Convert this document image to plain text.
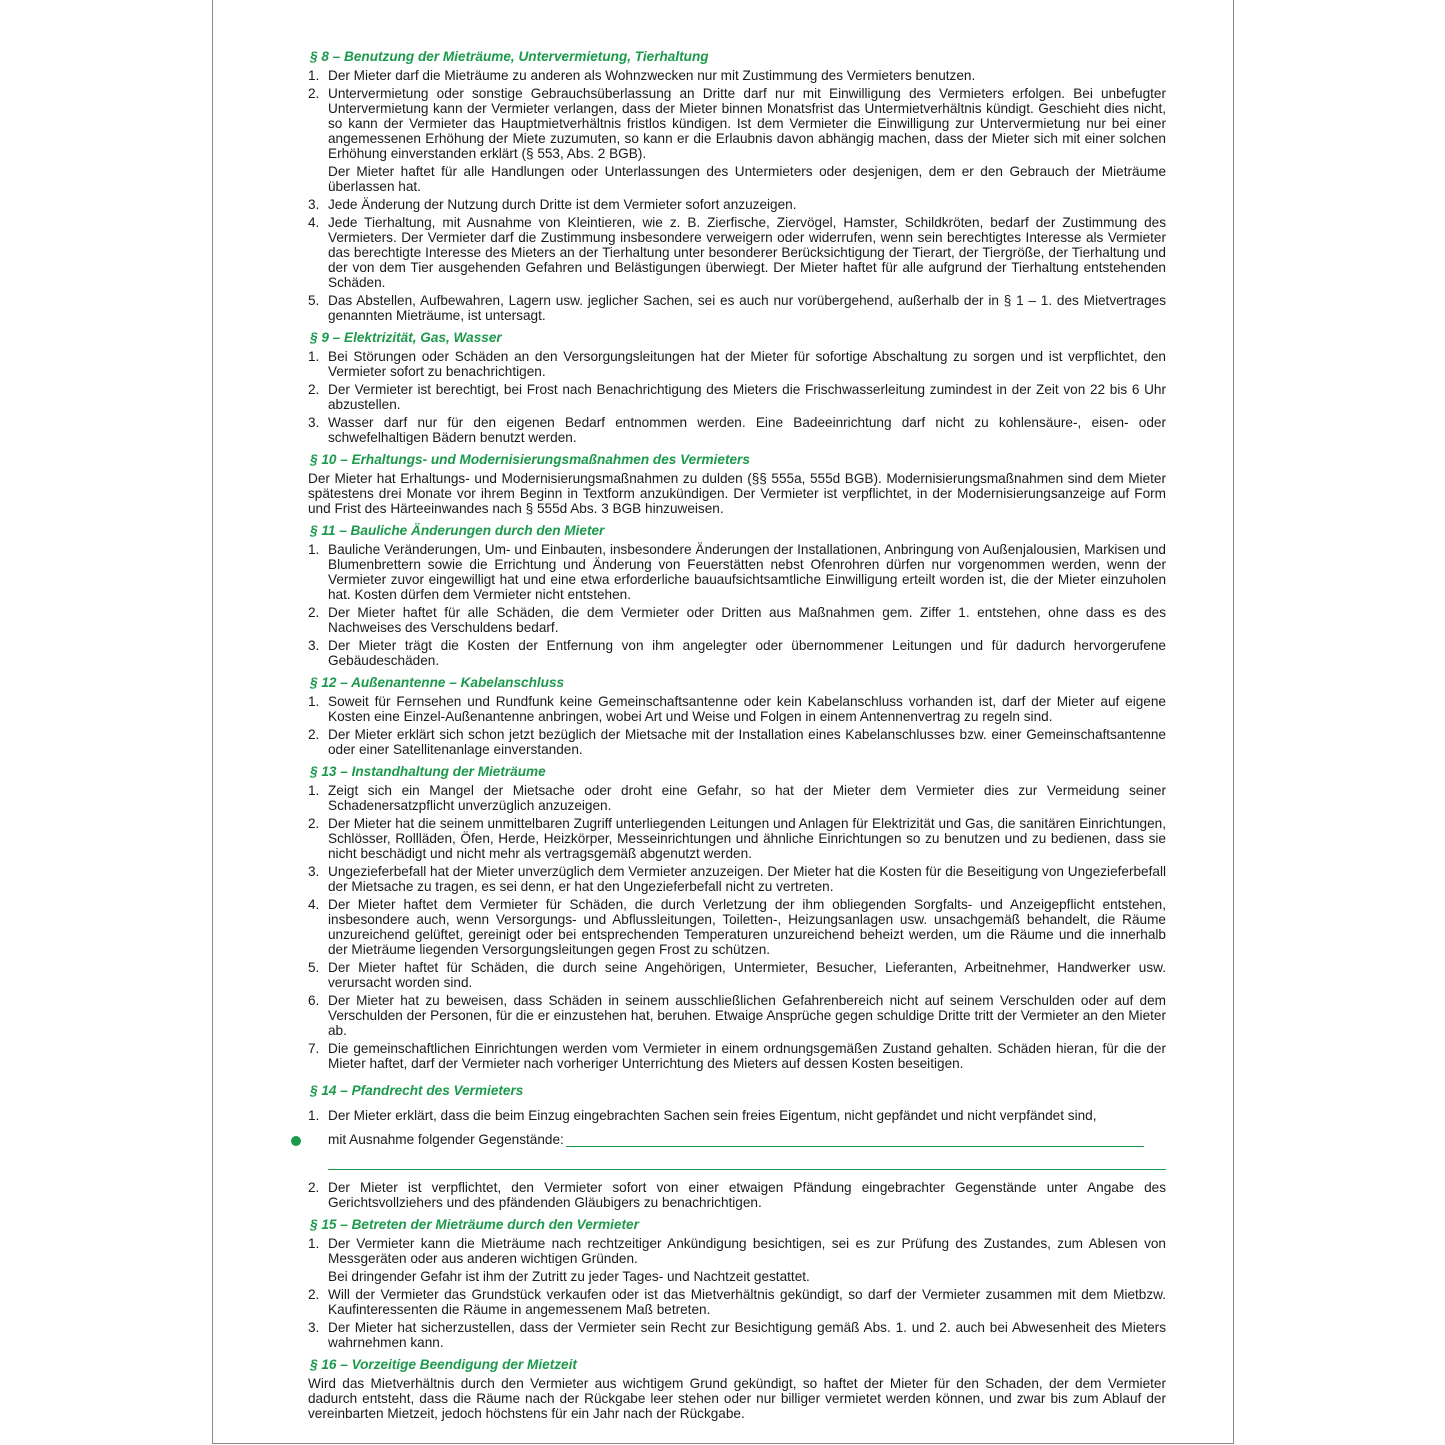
§ 8 – Benutzung der Mieträume, Untervermietung, Tierhaltung
1. Der Mieter darf die Mieträume zu anderen als Wohnzwecken nur mit Zustimmung des Vermieters benutzen.

2. Untervermietung oder sonstige Gebrauchsüberlassung an Dritte darf nur mit Einwilligung des Vermieters erfolgen. Bei unbefugter Untervermietung kann der Vermieter verlangen, dass der Mieter binnen Monatsfrist das Untermietverhältnis kündigt. Geschieht dies nicht, so kann der Vermieter das Hauptmietverhältnis fristlos kündigen. Ist dem Vermieter die Einwilligung zur Untervermietung nur bei einer angemessenen Erhöhung der Miete zuzumuten, so kann er die Erlaubnis davon abhängig machen, dass der Mieter sich mit einer solchen Erhöhung einverstanden erklärt (§ 553, Abs. 2 BGB).

Der Mieter haftet für alle Handlungen oder Unterlassungen des Untermieters oder desjenigen, dem er den Gebrauch der Mieträume überlassen hat.

3. Jede Änderung der Nutzung durch Dritte ist dem Vermieter sofort anzuzeigen.

4. Jede Tierhaltung, mit Ausnahme von Kleintieren, wie z. B. Zierfische, Ziervögel, Hamster, Schildkröten, bedarf der Zustimmung des Vermieters. Der Vermieter darf die Zustimmung insbesondere verweigern oder widerrufen, wenn sein berechtigtes Interesse als Vermieter das berechtigte Interesse des Mieters an der Tierhaltung unter besonderer Berücksichtigung der Tierart, der Tiergröße, der Tierhaltung und der von dem Tier ausgehenden Gefahren und Belästigungen überwiegt. Der Mieter haftet für alle aufgrund der Tierhaltung entstehenden Schäden.

5. Das Abstellen, Aufbewahren, Lagern usw. jeglicher Sachen, sei es auch nur vorübergehend, außerhalb der in § 1 – 1. des Mietvertrages genannten Mieträume, ist untersagt.

§ 9 – Elektrizität, Gas, Wasser
1. Bei Störungen oder Schäden an den Versorgungsleitungen hat der Mieter für sofortige Abschaltung zu sorgen und ist verpflichtet, den Vermieter sofort zu benachrichtigen.

2. Der Vermieter ist berechtigt, bei Frost nach Benachrichtigung des Mieters die Frischwasserleitung zumindest in der Zeit von 22 bis 6 Uhr abzustellen.

3. Wasser darf nur für den eigenen Bedarf entnommen werden. Eine Badeeinrichtung darf nicht zu kohlensäure-, eisen- oder schwefelhaltigen Bädern benutzt werden.

§ 10 – Erhaltungs- und Modernisierungsmaßnahmen des Vermieters

Der Mieter hat Erhaltungs- und Modernisierungsmaßnahmen zu dulden (§§ 555a, 555d BGB). Modernisierungsmaßnahmen sind dem Mieter spätestens drei Monate vor ihrem Beginn in Textform anzukündigen. Der Vermieter ist verpflichtet, in der Modernisierungsanzeige auf Form und Frist des Härteeinwandes nach § 555d Abs. 3 BGB hinzuweisen.

§ 11 – Bauliche Änderungen durch den Mieter
1. Bauliche Veränderungen, Um- und Einbauten, insbesondere Änderungen der Installationen, Anbringung von Außenjalousien, Markisen und Blumenbrettern sowie die Errichtung und Änderung von Feuerstätten nebst Ofenrohren dürfen nur vorgenommen werden, wenn der Vermieter zuvor eingewilligt hat und eine etwa erforderliche bauaufsichtsamtliche Einwilligung erteilt worden ist, die der Mieter einzuholen hat. Kosten dürfen dem Vermieter nicht entstehen.

2. Der Mieter haftet für alle Schäden, die dem Vermieter oder Dritten aus Maßnahmen gem. Ziffer 1. entstehen, ohne dass es des Nachweises des Verschuldens bedarf.

3. Der Mieter trägt die Kosten der Entfernung von ihm angelegter oder übernommener Leitungen und für dadurch hervorgerufene Gebäudeschäden.

§ 12 – Außenantenne – Kabelanschluss
1. Soweit für Fernsehen und Rundfunk keine Gemeinschaftsantenne oder kein Kabelanschluss vorhanden ist, darf der Mieter auf eigene Kosten eine Einzel-Außenantenne anbringen, wobei Art und Weise und Folgen in einem Antennenvertrag zu regeln sind.

2. Der Mieter erklärt sich schon jetzt bezüglich der Mietsache mit der Installation eines Kabelanschlusses bzw. einer Gemeinschaftsantenne oder einer Satellitenanlage einverstanden.

§ 13 – Instandhaltung der Mieträume
1. Zeigt sich ein Mangel der Mietsache oder droht eine Gefahr, so hat der Mieter dem Vermieter dies zur Vermeidung seiner Schadenersatzpflicht unverzüglich anzuzeigen.

2. Der Mieter hat die seinem unmittelbaren Zugriff unterliegenden Leitungen und Anlagen für Elektrizität und Gas, die sanitären Einrichtungen, Schlösser, Rollläden, Öfen, Herde, Heizkörper, Messeinrichtungen und ähnliche Einrichtungen so zu benutzen und zu bedienen, dass sie nicht beschädigt und nicht mehr als vertragsgemäß abgenutzt werden.

3. Ungezieferbefall hat der Mieter unverzüglich dem Vermieter anzuzeigen. Der Mieter hat die Kosten für die Beseitigung von Ungezieferbefall der Mietsache zu tragen, es sei denn, er hat den Ungezieferbefall nicht zu vertreten.

4. Der Mieter haftet dem Vermieter für Schäden, die durch Verletzung der ihm obliegenden Sorgfalts- und Anzeigepflicht entstehen, insbesondere auch, wenn Versorgungs- und Abflussleitungen, Toiletten-, Heizungsanlagen usw. unsachgemäß behandelt, die Räume unzureichend gelüftet, gereinigt oder bei entsprechenden Temperaturen unzureichend beheizt werden, um die Räume und die innerhalb der Mieträume liegenden Versorgungsleitungen gegen Frost zu schützen.

5. Der Mieter haftet für Schäden, die durch seine Angehörigen, Untermieter, Besucher, Lieferanten, Arbeitnehmer, Handwerker usw. verursacht worden sind.

6. Der Mieter hat zu beweisen, dass Schäden in seinem ausschließlichen Gefahrenbereich nicht auf seinem Verschulden oder auf dem Verschulden der Personen, für die er einzustehen hat, beruhen. Etwaige Ansprüche gegen schuldige Dritte tritt der Vermieter an den Mieter ab.

7. Die gemeinschaftlichen Einrichtungen werden vom Vermieter in einem ordnungsgemäßen Zustand gehalten. Schäden hieran, für die der Mieter haftet, darf der Vermieter nach vorheriger Unterrichtung des Mieters auf dessen Kosten beseitigen.

§ 14 – Pfandrecht des Vermieters
1. Der Mieter erklärt, dass die beim Einzug eingebrachten Sachen sein freies Eigentum, nicht gepfändet und nicht verpfändet sind,

mit Ausnahme folgender Gegenstände:
2. Der Mieter ist verpflichtet, den Vermieter sofort von einer etwaigen Pfändung eingebrachter Gegenstände unter Angabe des Gerichtsvollziehers und des pfändenden Gläubigers zu benachrichtigen.

§ 15 – Betreten der Mieträume durch den Vermieter
1. Der Vermieter kann die Mieträume nach rechtzeitiger Ankündigung besichtigen, sei es zur Prüfung des Zustandes, zum Ablesen von Messgeräten oder aus anderen wichtigen Gründen.

Bei dringender Gefahr ist ihm der Zutritt zu jeder Tages- und Nachtzeit gestattet.

2. Will der Vermieter das Grundstück verkaufen oder ist das Mietverhältnis gekündigt, so darf der Vermieter zusammen mit dem Mietbzw. Kaufinteressenten die Räume in angemessenem Maß betreten.

3. Der Mieter hat sicherzustellen, dass der Vermieter sein Recht zur Besichtigung gemäß Abs. 1. und 2. auch bei Abwesenheit des Mieters wahrnehmen kann.

§ 16 – Vorzeitige Beendigung der Mietzeit

Wird das Mietverhältnis durch den Vermieter aus wichtigem Grund gekündigt, so haftet der Mieter für den Schaden, der dem Vermieter dadurch entsteht, dass die Räume nach der Rückgabe leer stehen oder nur billiger vermietet werden können, und zwar bis zum Ablauf der vereinbarten Mietzeit, jedoch höchstens für ein Jahr nach der Rückgabe.
